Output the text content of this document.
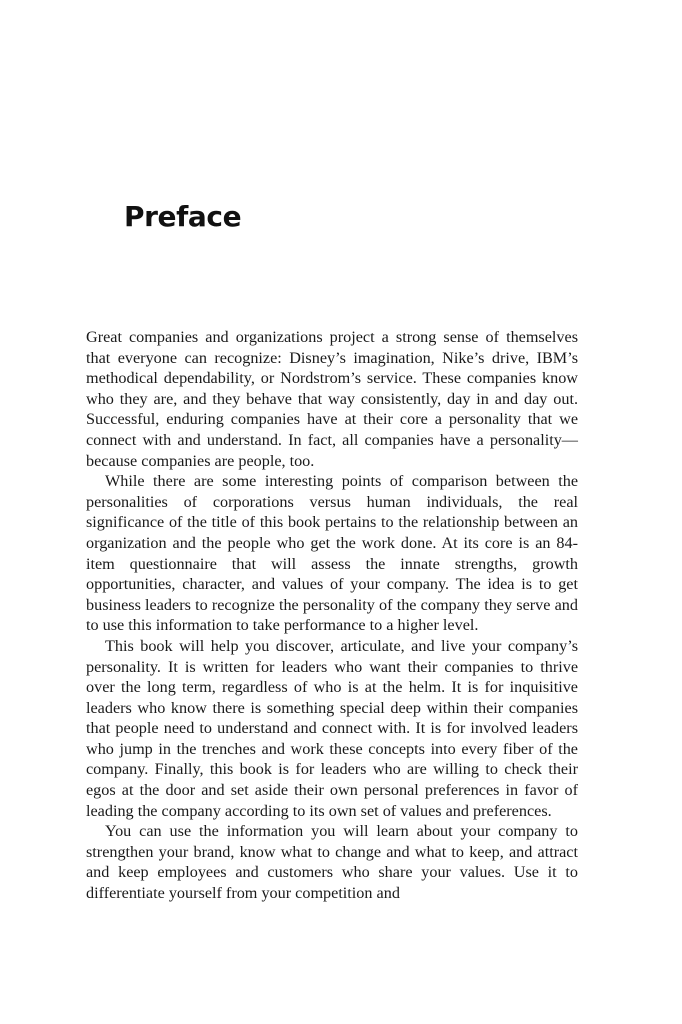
Preface

Great companies and organizations project a strong sense of themselves that everyone can recognize: Disney’s imagination, Nike’s drive, IBM’s methodical dependability, or Nordstrom’s service. These companies know who they are, and they behave that way consistently, day in and day out. Successful, enduring companies have at their core a personality that we connect with and understand. In fact, all companies have a personality—because companies are people, too.

While there are some interesting points of comparison between the personalities of corporations versus human individuals, the real significance of the title of this book pertains to the relationship between an organization and the people who get the work done. At its core is an 84-item questionnaire that will assess the innate strengths, growth opportunities, character, and values of your company. The idea is to get business leaders to recognize the personality of the company they serve and to use this information to take performance to a higher level.

This book will help you discover, articulate, and live your company’s personality. It is written for leaders who want their companies to thrive over the long term, regardless of who is at the helm. It is for inquisitive leaders who know there is something special deep within their companies that people need to understand and connect with. It is for involved leaders who jump in the trenches and work these concepts into every fiber of the company. Finally, this book is for leaders who are willing to check their egos at the door and set aside their own personal preferences in favor of leading the company according to its own set of values and preferences.

You can use the information you will learn about your company to strengthen your brand, know what to change and what to keep, and attract and keep employees and customers who share your values. Use it to differentiate yourself from your competition and
